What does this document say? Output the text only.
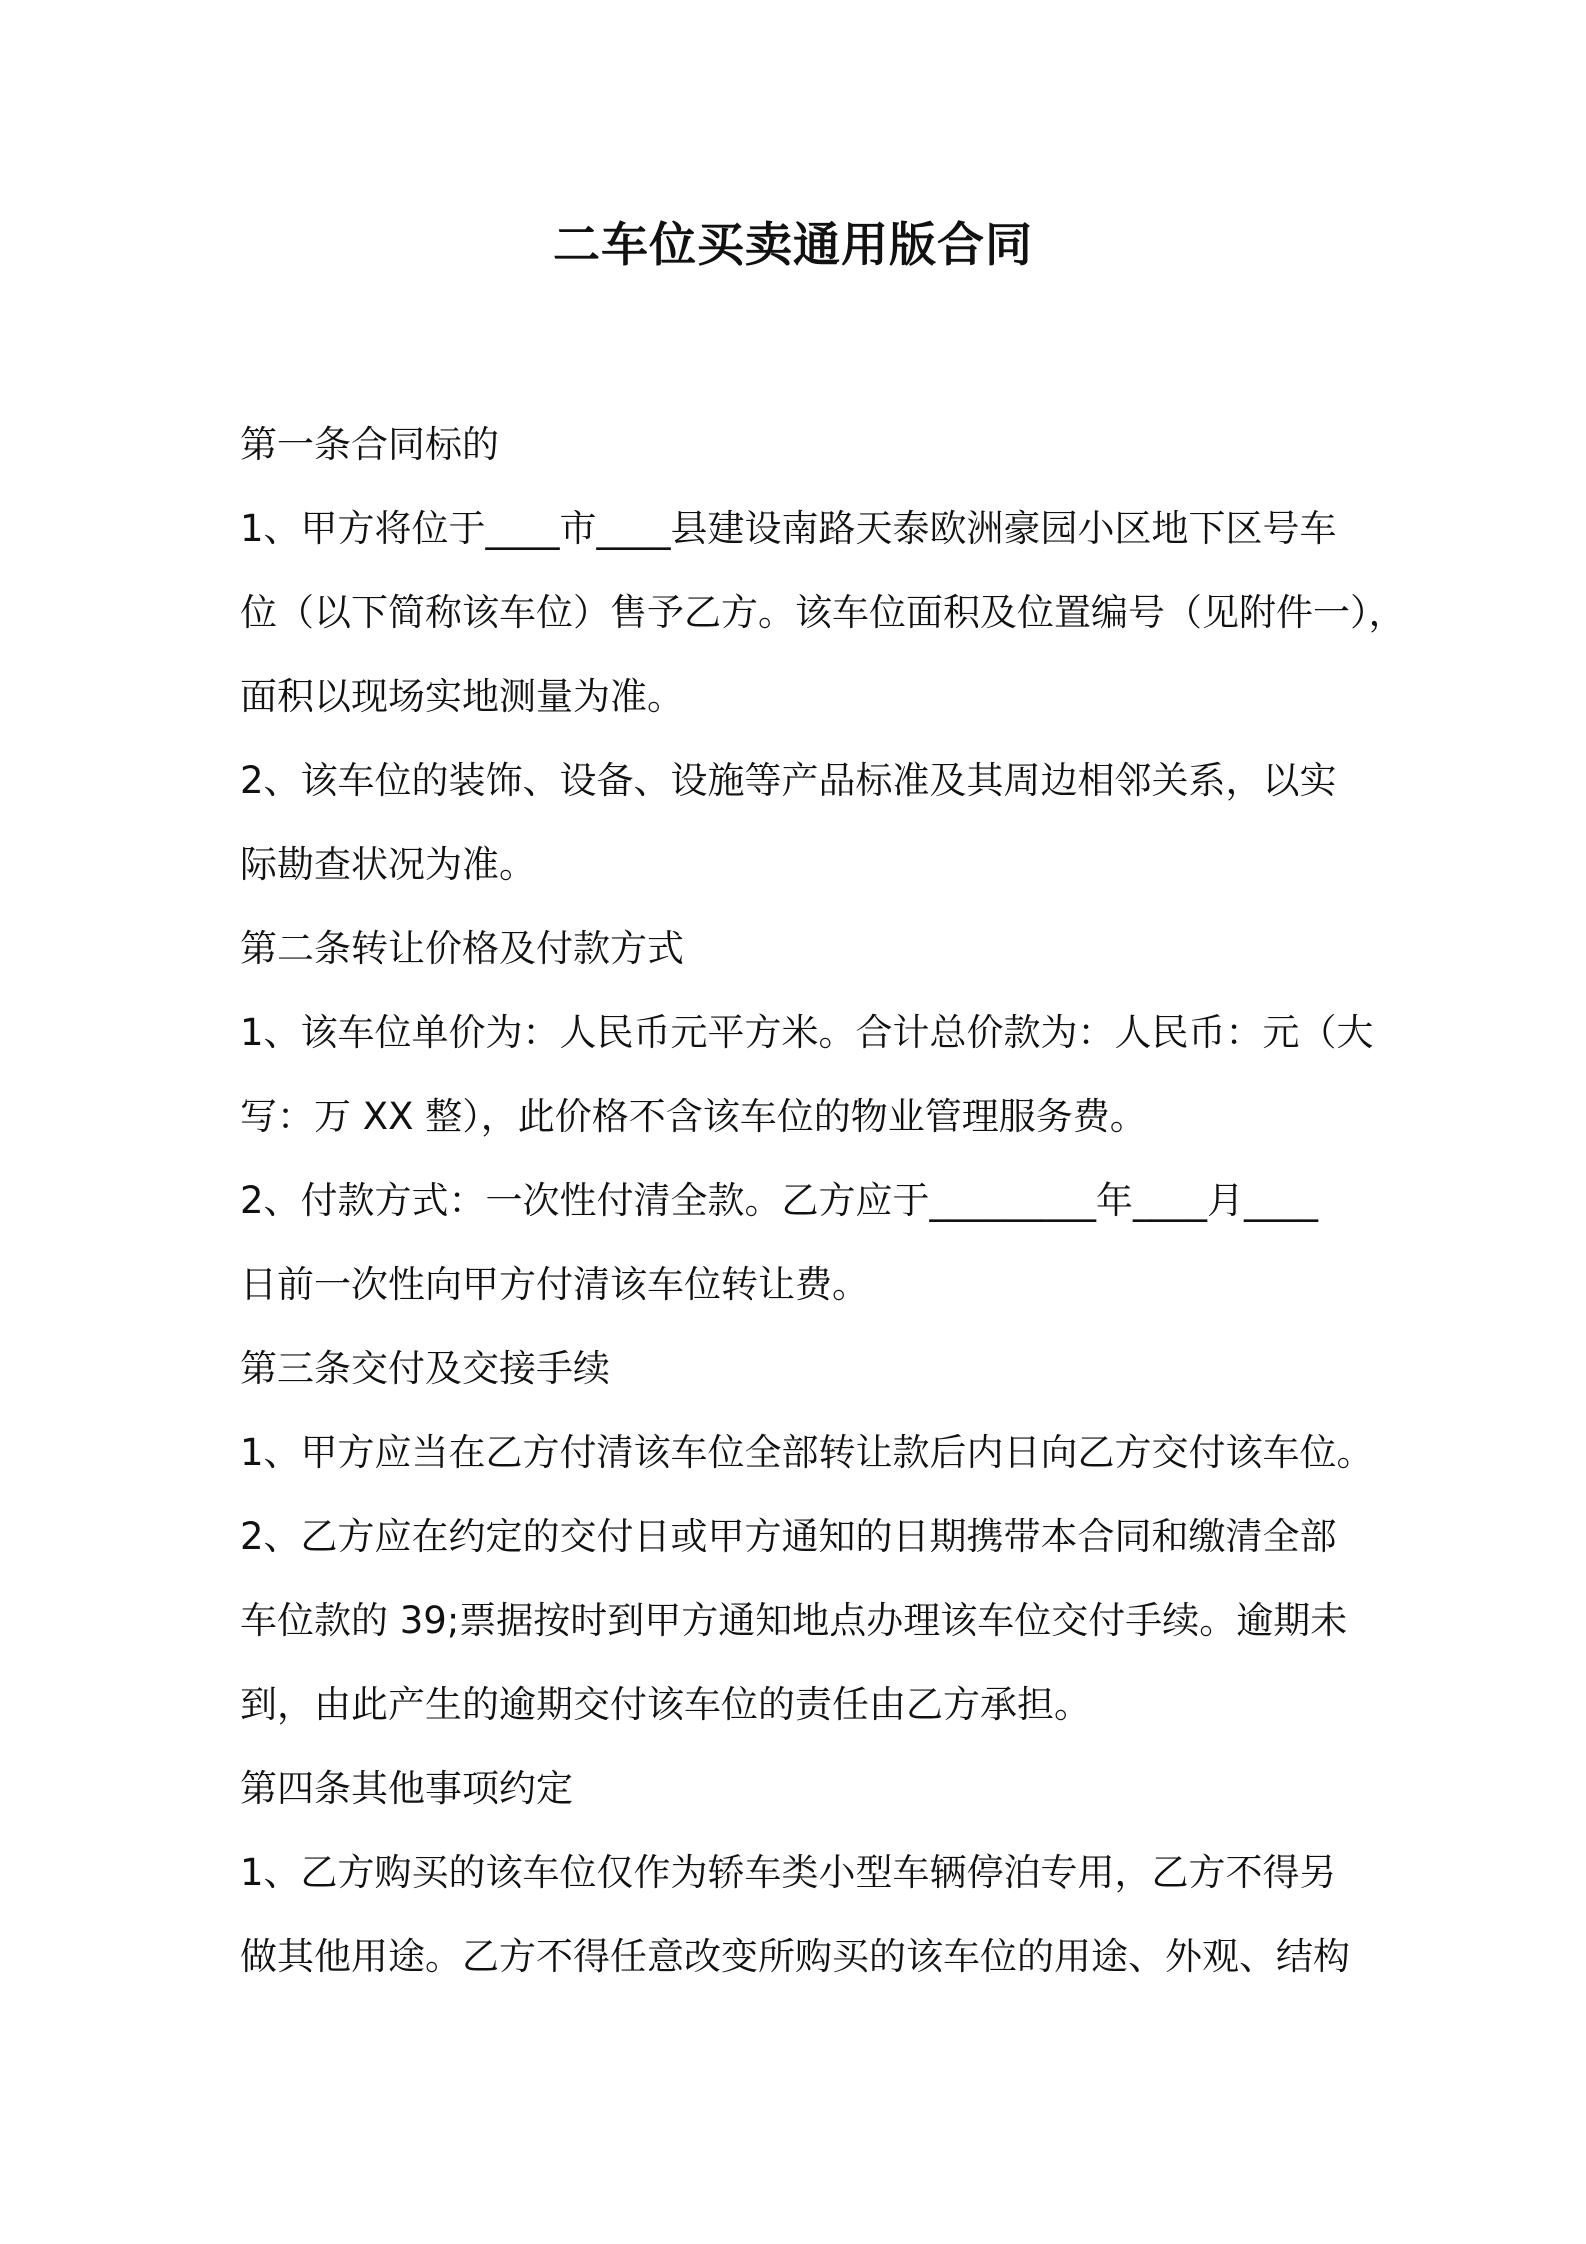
二车位买卖通用版合同
第一条合同标的
1、甲方将位于____市____县建设南路天泰欧洲豪园小区地下区号车
位（以下简称该车位）售予乙方。该车位面积及位置编号（见附件一），
面积以现场实地测量为准。
2、该车位的装饰、设备、设施等产品标准及其周边相邻关系，以实
际勘查状况为准。
第二条转让价格及付款方式
1、该车位单价为：人民币元平方米。合计总价款为：人民币：元（大
写：万 XX 整），此价格不含该车位的物业管理服务费。
2、付款方式：一次性付清全款。乙方应于_________年____月____
日前一次性向甲方付清该车位转让费。
第三条交付及交接手续
1、甲方应当在乙方付清该车位全部转让款后内日向乙方交付该车位。
2、乙方应在约定的交付日或甲方通知的日期携带本合同和缴清全部
车位款的 39;票据按时到甲方通知地点办理该车位交付手续。逾期未
到，由此产生的逾期交付该车位的责任由乙方承担。
第四条其他事项约定
1、乙方购买的该车位仅作为轿车类小型车辆停泊专用，乙方不得另
做其他用途。乙方不得任意改变所购买的该车位的用途、外观、结构
